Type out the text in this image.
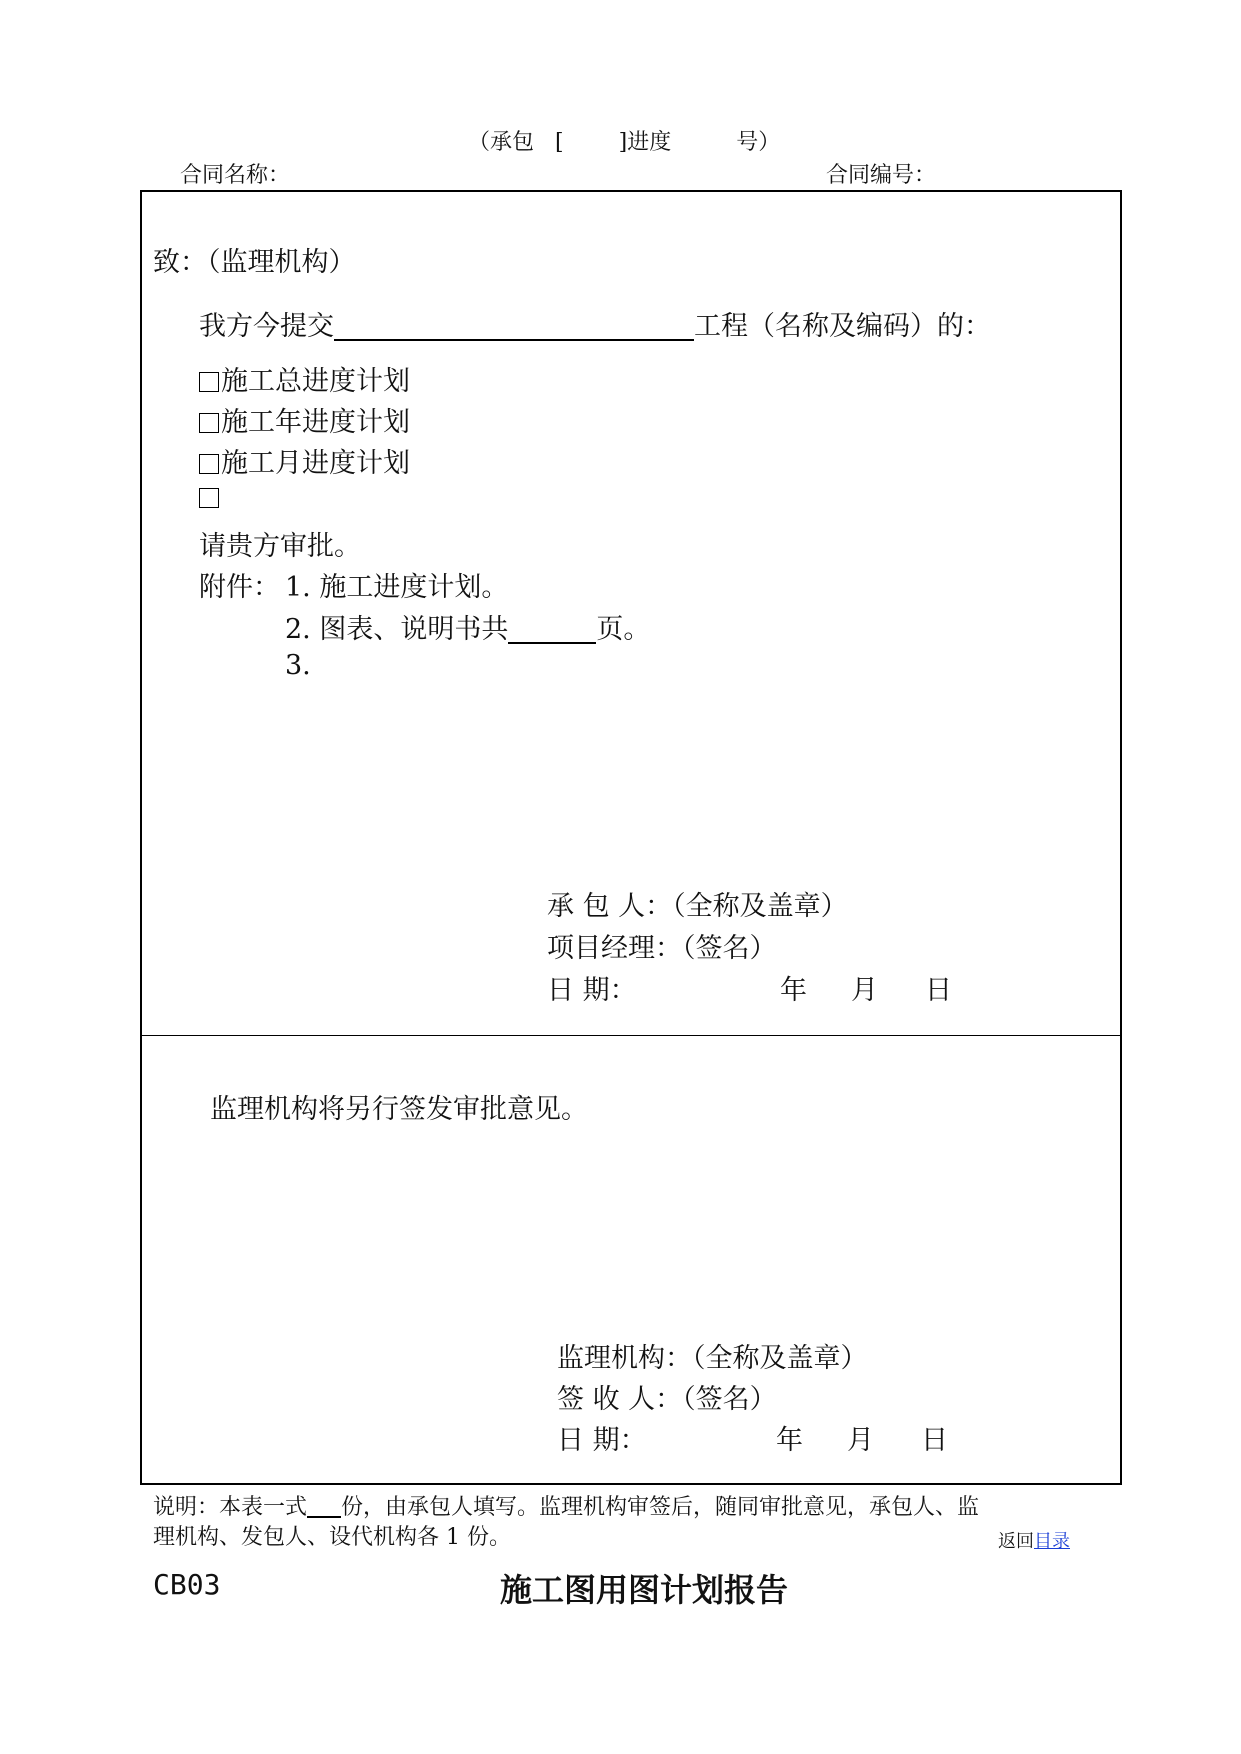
（承包 [	]进度	号）
合同名称：	合同编号：
致：（监理机构）
我方今提交	工程（名称及编码）的：
施工总进度计划
施工年进度计划
施工月进度计划
请贵方审批。
附件： 1. 施工进度计划。
2. 图表、说明书共	页。
3.
承 包 人：（全称及盖章）
项目经理：（签名）
日 期：	年 月 日
监理机构将另行签发审批意见。
监理机构：（全称及盖章）
签 收 人：（签名）
日 期：	年 月 日
说明：本表一式 份，由承包人填写。监理机构审签后，随同审批意见，承包人、监
理机构、发包人、设代机构各 1 份。	返回目录
CB03	施工图用图计划报告
